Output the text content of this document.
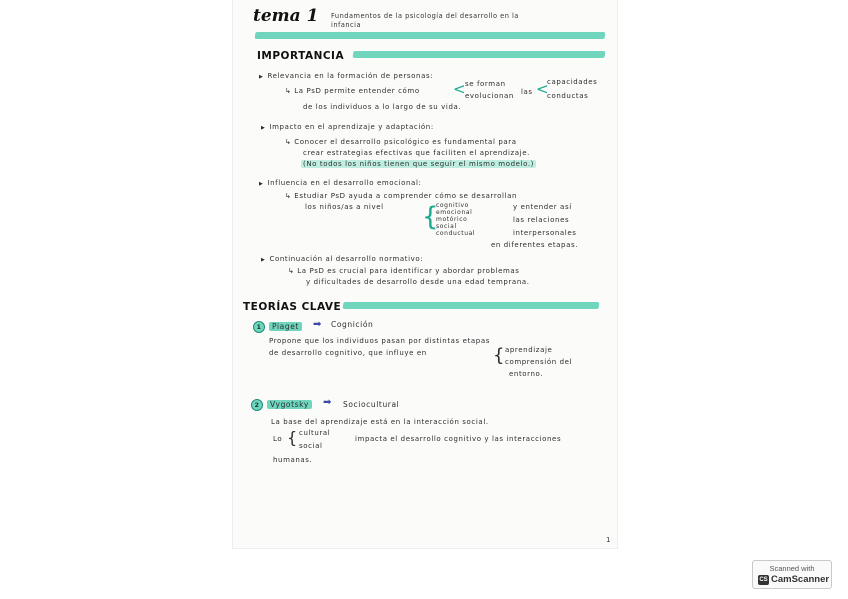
tema 1 Fundamentos de la psicología del desarrollo en la
infancia
IMPORTANCIA
▶ Relevancia en la formación de personas:
↳ La PsD permite entender cómo < se forman
evolucionan las <
capacidades
conductas
de los individuos a lo largo de su vida.
▶ Impacto en el aprendizaje y adaptación:
↳ Conocer el desarrollo psicológico es fundamental para
crear estrategias efectivas que faciliten el aprendizaje.
(No todos los niños tienen que seguir el mismo modelo.)
▶ Influencia en el desarrollo emocional:
↳ Estudiar PsD ayuda a comprender cómo se desarrollan
los niños/as a nivel {
cognitivo
emocional
motórico
social
conductual
y entender así
las relaciones
interpersonales
en diferentes etapas.
▶ Continuación al desarrollo normativo:
↳ La PsD es crucial para identificar y abordar problemas
y dificultades de desarrollo desde una edad temprana.
TEORÍAS CLAVE
1 Piaget	➡ Cognición
Propone que los individuos pasan por distintas etapas
de desarrollo cognitivo, que influye en	{ aprendizaje
comprensión del
entorno.
2 Vygotsky	➡ Sociocultural
La base del aprendizaje está en la interacción social.
Lo { cultural
social
impacta el desarrollo cognitivo y las interacciones
humanas.
1
Scanned with
CS CamScanner
